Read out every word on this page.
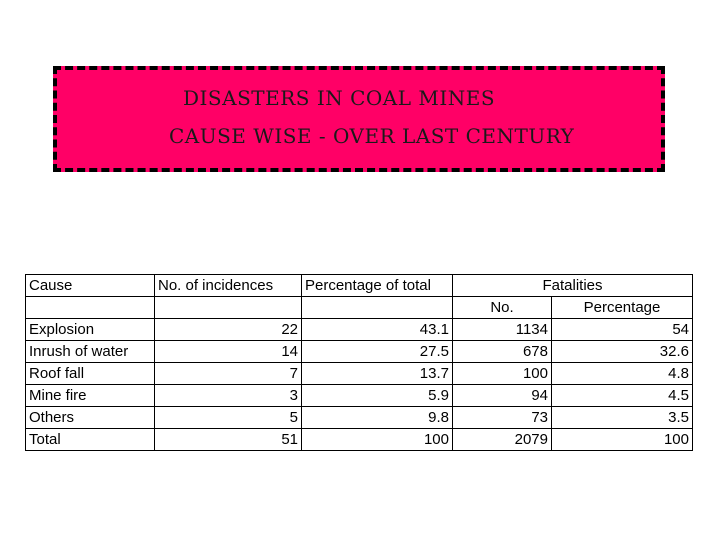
DISASTERS IN COAL MINES
CAUSE WISE - OVER LAST CENTURY
Cause	No. of incidences	Percentage of total	Fatalities	
			No.	Percentage
Explosion	22	43.1	1134	54
Inrush of water	14	27.5	678	32.6
Roof fall	7	13.7	100	4.8
Mine fire	3	5.9	94	4.5
Others	5	9.8	73	3.5
Total	51	100	2079	100
